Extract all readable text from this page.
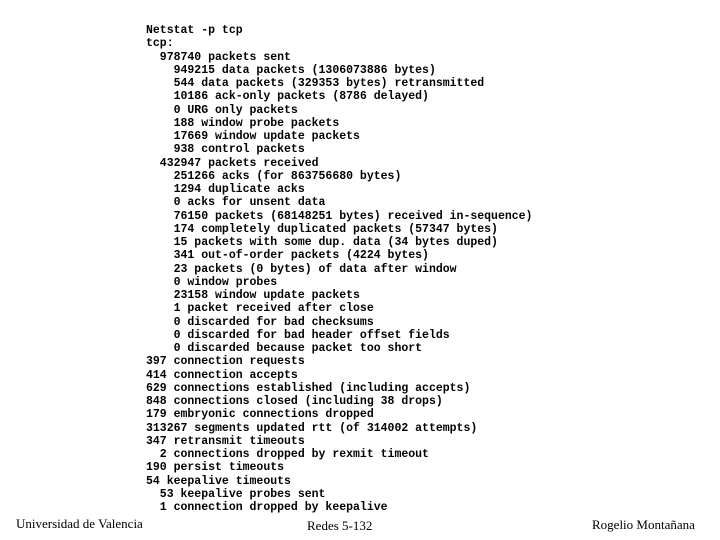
Netstat -p tcp
tcp:
978740 packets sent
949215 data packets (1306073886 bytes)
544 data packets (329353 bytes) retransmitted
10186 ack-only packets (8786 delayed)
0 URG only packets
188 window probe packets
17669 window update packets
938 control packets
432947 packets received
251266 acks (for 863756680 bytes)
1294 duplicate acks
0 acks for unsent data
76150 packets (68148251 bytes) received in-sequence)
174 completely duplicated packets (57347 bytes)
15 packets with some dup. data (34 bytes duped)
341 out-of-order packets (4224 bytes)
23 packets (0 bytes) of data after window
0 window probes
23158 window update packets
1 packet received after close
0 discarded for bad checksums
0 discarded for bad header offset fields
0 discarded because packet too short
397 connection requests
414 connection accepts
629 connections established (including accepts)
848 connections closed (including 38 drops)
179 embryonic connections dropped
313267 segments updated rtt (of 314002 attempts)
347 retransmit timeouts
2 connections dropped by rexmit timeout
190 persist timeouts
54 keepalive timeouts
53 keepalive probes sent
1 connection dropped by keepalive
Universidad de Valencia	Redes 5-132	Rogelio Montañana
